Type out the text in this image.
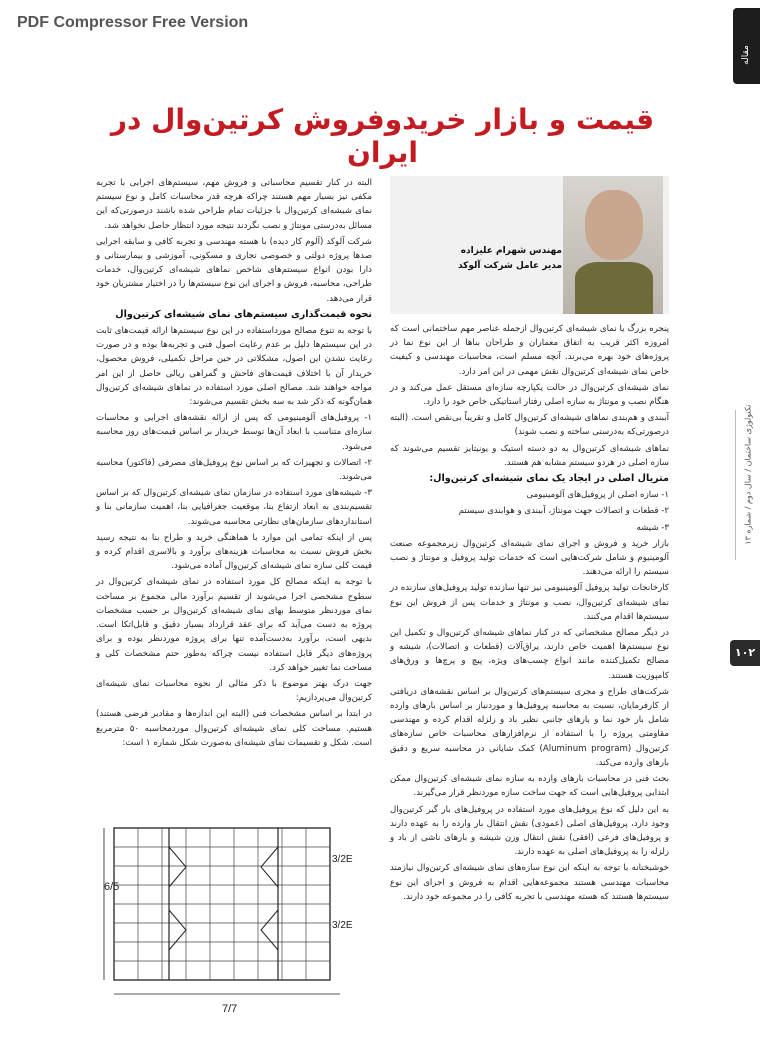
PDF Compressor Free Version
مقاله
تکنولوژی ساختمان / سال دوم / شماره ۱۳
۱۰۲
قیمت و بازار خریدوفروش کرتین‌وال در ایران
مهندس شهرام علیزاده
مدیر عامل شرکت آلوکد

البته در کنار تقسیم محاسباتی و فروش مهم، سیستم‌های اجرایی با تجربه مکفی نیز بسیار مهم هستند چراکه هرچه قدر محاسبات کامل و نوع سیستم نمای شیشه‌ای کرتین‌وال با جزئیات تمام طراحی شده باشند درصورتی‌که این مسائل به‌درستی مونتاژ و نصب نگردند نتیجه مورد انتظار حاصل نخواهد شد.

شرکت آلوکد (آلوم کار دیده) با هسته مهندسی و تجربه کافی و سابقه اجرایی صدها پروژه دولتی و خصوصی تجاری و مسکونی، آموزشی و بیمارستانی و دارا بودن انواع سیستم‌های شاخص نماهای شیشه‌ای کرتین‌وال، خدمات طراحی، محاسبه، فروش و اجرای این نوع سیستم‌ها را در اختیار مشتریان خود قرار می‌دهد.

نحوه قیمت‌گذاری سیستم‌های نمای شیشه‌ای کرتین‌وال

با توجه به تنوع مصالح مورداستفاده در این نوع سیستم‌ها ارائه قیمت‌های ثابت در این سیستم‌ها دلیل بر عدم رعایت اصول فنی و تجربه‌ها بوده و در صورت رعایت نشدن این اصول، مشکلاتی در حین مراحل تکمیلی، فروش محصول، خریدار آن با اختلاف قیمت‌های فاحش و گمراهی ریالی حاصل از این امر مواجه خواهند شد. مصالح اصلی مورد استفاده در نماهای شیشه‌ای کرتین‌وال همان‌گونه که ذکر شد به سه بخش تقسیم می‌شوند:

۱- پروفیل‌های آلومینیومی که پس از ارائه نقشه‌های اجرایی و محاسبات سازه‌ای متناسب با ابعاد آن‌ها توسط خریدار بر اساس قیمت‌های روز محاسبه می‌شود.

۲- اتصالات و تجهیزات که بر اساس نوع پروفیل‌های مصرفی (فاکتور) محاسبه می‌شوند.

۳- شیشه‌های مورد استفاده در سازمان نمای شیشه‌ای کرتین‌وال که بر اساس تقسیم‌بندی به ابعاد ارتفاع بنا، موقعیت جغرافیایی بنا، اهمیت سازمانی بنا و استانداردهای سازمان‌های نظارتی محاسبه می‌شوند.

پس از اینکه تمامی این موارد با هماهنگی خرید و طراح بنا به نتیجه رسید بخش فروش نسبت به محاسبات هزینه‌های برآورد و بالاسری اقدام کرده و قیمت کلی سازه نمای شیشه‌ای کرتین‌وال آماده می‌شود.

با توجه به اینکه مصالح کل مورد استفاده در نمای شیشه‌ای کرتین‌وال در سطوح مشخصی اجرا می‌شوند از تقسیم برآورد مالی مجموع بر مساحت نمای موردنظر متوسط بهای نمای شیشه‌ای کرتین‌وال بر حسب مشخصات پروژه به دست می‌آید که برای عقد قرارداد بسیار دقیق و قابل‌اتکا است. بدیهی است، برآورد به‌دست‌آمده تنها برای پروژه موردنظر بوده و برای پروژه‌های دیگر قابل استفاده نیست چراکه به‌طور حتم مشخصات کلی و مساحت نما تغییر خواهد کرد.

جهت درک بهتر موضوع با ذکر مثالی از نحوه محاسبات نمای شیشه‌ای کرتین‌وال می‌پردازیم:

در ابتدا بر اساس مشخصات فنی (البته این اندازه‌ها و مقادیر فرضی هستند) هستیم. مساحت کلی نمای شیشه‌ای کرتین‌وال موردمحاسبه ۵۰ مترمربع است. شکل و تقسیمات نمای شیشه‌ای به‌صورت شکل شماره ۱ است:

پنجره بزرگ یا نمای شیشه‌ای کرتین‌وال ازجمله عناصر مهم ساختمانی است که امروزه اکثر قریب به اتفاق معماران و طراحان بناها از این نوع نما در پروژه‌های خود بهره می‌برند. آنچه مسلم است، محاسبات مهندسی و کیفیت خاص نمای شیشه‌ای کرتین‌وال نقش مهمی در این امر دارد.

نمای شیشه‌ای کرتین‌وال در حالت یکپارچه سازه‌ای مستقل عمل می‌کند و در هنگام نصب و مونتاژ به سازه اصلی رفتار استاتیکی خاص خود را دارد.

آببندی و هم‌بندی نماهای شیشه‌ای کرتین‌وال کامل و تقریباً بی‌نقص است. (البته درصورتی‌که به‌درستی ساخته و نصب شوند)

نماهای شیشه‌ای کرتین‌وال به دو دسته استیک و یونیتایز تقسیم می‌شوند که سازه اصلی در هردو سیستم مشابه هم هستند.

متریال اصلی در ایجاد یک نمای شیشه‌ای کرتین‌وال:

۱- سازه اصلی از پروفیل‌های آلومینیومی

۲- قطعات و اتصالات جهت مونتاژ، آببندی و هوابندی سیستم

۳- شیشه

بازار خرید و فروش و اجرای نمای شیشه‌ای کرتین‌وال زیرمجموعه صنعت آلومینیوم و شامل شرکت‌هایی است که خدمات تولید پروفیل و مونتاژ و نصب سیستم را ارائه می‌دهند.

کارخانجات تولید پروفیل آلومینیومی نیز تنها سازنده تولید پروفیل‌های سازنده در نمای شیشه‌ای کرتین‌وال، نصب و مونتاژ و خدمات پس از فروش این نوع سیستم‌ها اقدام می‌کنند.

در دیگر مصالح مشخصاتی که در کنار نماهای شیشه‌ای کرتین‌وال و تکمیل این نوع سیستم‌ها اهمیت خاص دارند، یراق‌آلات (قطعات و اتصالات)، شیشه و مصالح تکمیل‌کننده مانند انواع چسب‌های ویژه، پیچ و پرچ‌ها و ورق‌های کامپوزیت هستند.

شرکت‌های طراح و مجری سیستم‌های کرتین‌وال بر اساس نقشه‌های دریافتی از کارفرمایان، نسبت به محاسبه پروفیل‌ها و موردنیاز بر اساس بارهای وارده شامل بار خود نما و بارهای جانبی نظیر باد و زلزله اقدام کرده و مهندسی مقاومتی پروژه را با استفاده از نرم‌افزارهای محاسبات خاص سازه‌های کرتین‌وال (Aluminum program) کمک شایانی در محاسبه سریع و دقیق بارهای وارده می‌کند.

بحث فنی در محاسبات بارهای وارده به سازه نمای شیشه‌ای کرتین‌وال ممکن ابتدایی پروفیل‌هایی است که جهت ساخت سازه موردنظر قرار می‌گیرند.

به این دلیل که نوع پروفیل‌های مورد استفاده در پروفیل‌های بار گیر کرتین‌وال وجود دارد، پروفیل‌های اصلی (عمودی) نقش انتقال بار وارده را به عهده دارند و پروفیل‌های فرعی (افقی) نقش انتقال وزن شیشه و بارهای ناشی از باد و زلزله را به پروفیل‌های اصلی به عهده دارند.

خوشبختانه با توجه به اینکه این نوع سازه‌های نمای شیشه‌ای کرتین‌وال نیازمند محاسبات مهندسی هستند مجموعه‌هایی اقدام به فروش و اجرای این نوع سیستم‌ها هستند که هسته مهندسی با تجربه کافی را در مجموعه خود دارند.

6/5
7/7
3/2E
3/2E
